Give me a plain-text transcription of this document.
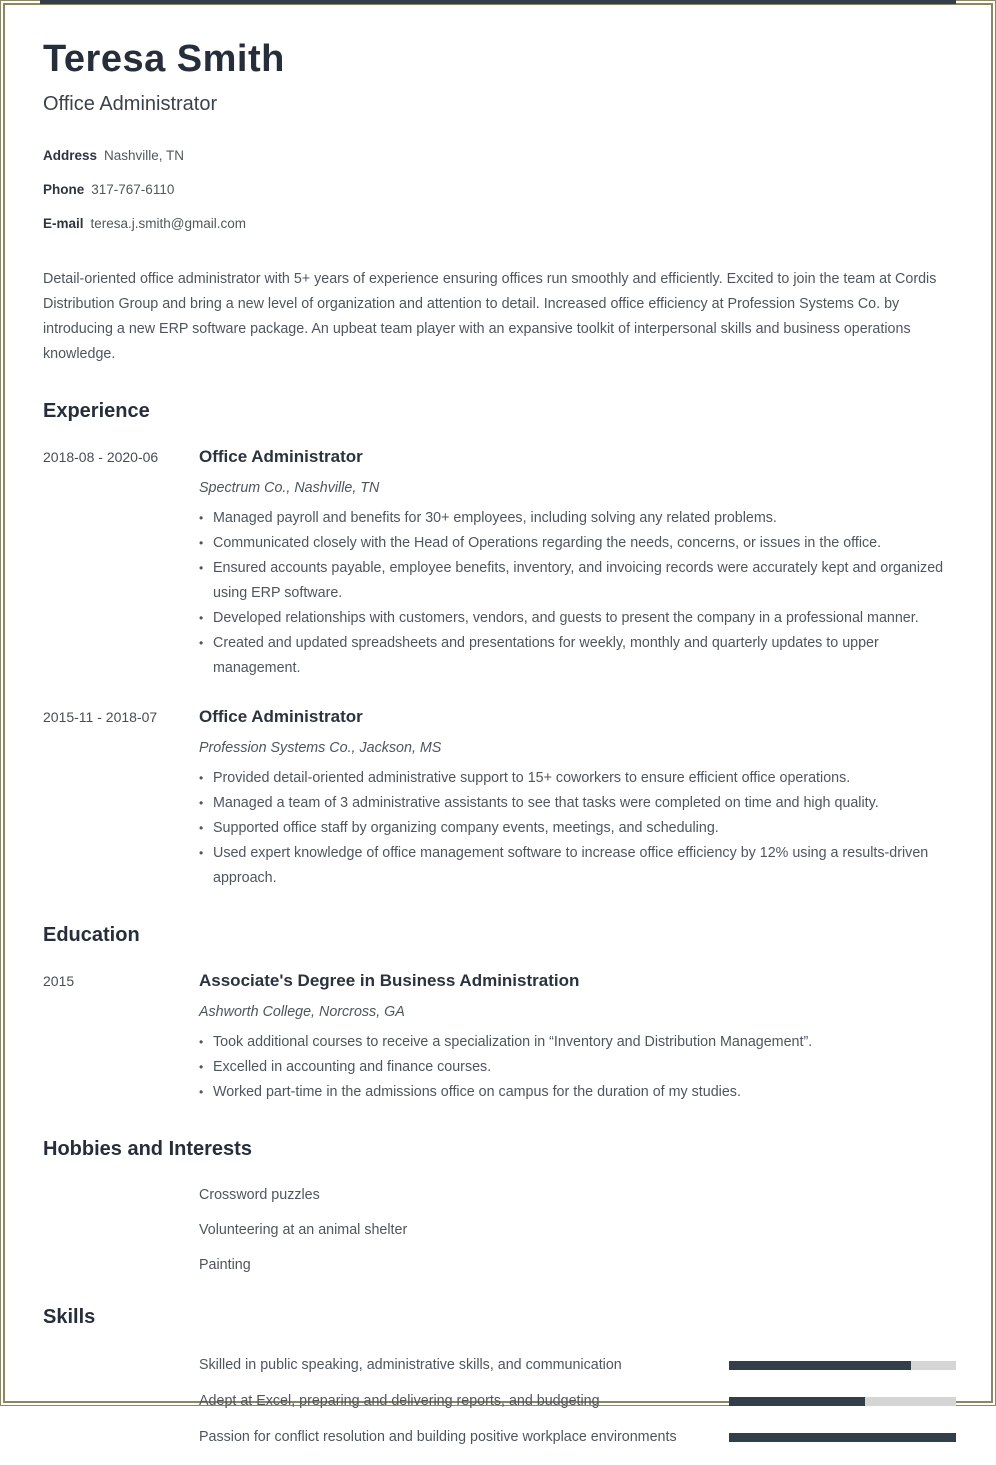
Teresa Smith
Office Administrator
Address Nashville, TN
Phone 317-767-6110
E-mail teresa.j.smith@gmail.com
Detail-oriented office administrator with 5+ years of experience ensuring offices run smoothly and efficiently. Excited to join the team at Cordis Distribution Group and bring a new level of organization and attention to detail. Increased office efficiency at Profession Systems Co. by introducing a new ERP software package. An upbeat team player with an expansive toolkit of interpersonal skills and business operations knowledge.
Experience
2018-08 - 2020-06	Office Administrator
Spectrum Co., Nashville, TN
• Managed payroll and benefits for 30+ employees, including solving any related problems.
• Communicated closely with the Head of Operations regarding the needs, concerns, or issues in the office.
• Ensured accounts payable, employee benefits, inventory, and invoicing records were accurately kept and organized using ERP software.
• Developed relationships with customers, vendors, and guests to present the company in a professional manner.
• Created and updated spreadsheets and presentations for weekly, monthly and quarterly updates to upper management.
2015-11 - 2018-07	Office Administrator
Profession Systems Co., Jackson, MS
• Provided detail-oriented administrative support to 15+ coworkers to ensure efficient office operations.
• Managed a team of 3 administrative assistants to see that tasks were completed on time and high quality.
• Supported office staff by organizing company events, meetings, and scheduling.
• Used expert knowledge of office management software to increase office efficiency by 12% using a results-driven approach.
Education
2015	Associate's Degree in Business Administration
Ashworth College, Norcross, GA
• Took additional courses to receive a specialization in “Inventory and Distribution Management”.
• Excelled in accounting and finance courses.
• Worked part-time in the admissions office on campus for the duration of my studies.
Hobbies and Interests
Crossword puzzles
Volunteering at an animal shelter
Painting
Skills
Skilled in public speaking, administrative skills, and communication
Adept at Excel, preparing and delivering reports, and budgeting
Passion for conflict resolution and building positive workplace environments
